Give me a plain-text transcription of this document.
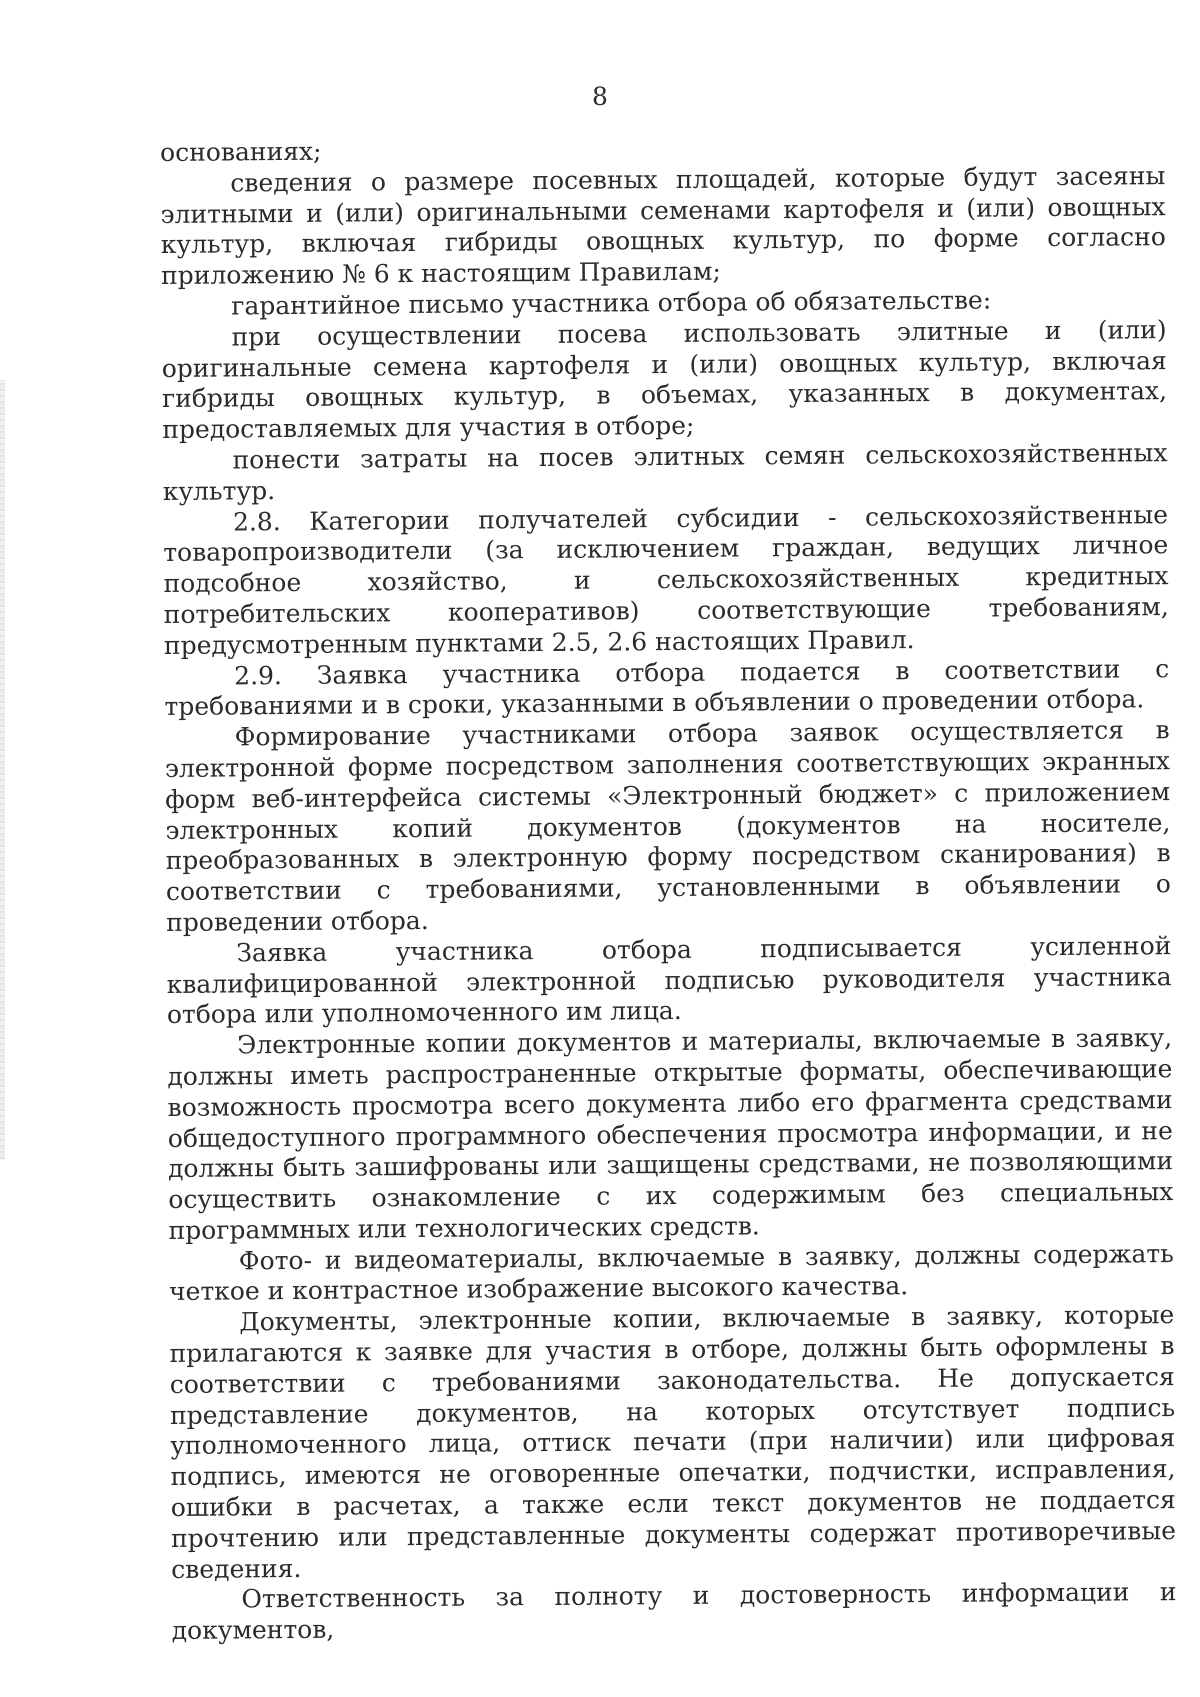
8

основаниях;

сведения о размере посевных площадей, которые будут засеяны элитными и (или) оригинальными семенами картофеля и (или) овощных культур, включая гибриды овощных культур, по форме согласно приложению № 6 к настоящим Правилам;

гарантийное письмо участника отбора об обязательстве:

при осуществлении посева использовать элитные и (или) оригинальные семена картофеля и (или) овощных культур, включая гибриды овощных культур, в объемах, указанных в документах, предоставляемых для участия в отборе;

понести затраты на посев элитных семян сельскохозяйственных культур.

2.8. Категории получателей субсидии - сельскохозяйственные товаропроизводители (за исключением граждан, ведущих личное подсобное хозяйство, и сельскохозяйственных кредитных потребительских кооперативов) соответствующие требованиям, предусмотренным пунктами 2.5, 2.6 настоящих Правил.

2.9. Заявка участника отбора подается в соответствии с требованиями и в сроки, указанными в объявлении о проведении отбора.

Формирование участниками отбора заявок осуществляется в электронной форме посредством заполнения соответствующих экранных форм веб-интерфейса системы «Электронный бюджет» с приложением электронных копий документов (документов на носителе, преобразованных в электронную форму посредством сканирования) в соответствии с требованиями, установленными в объявлении о проведении отбора.

Заявка участника отбора подписывается усиленной квалифицированной электронной подписью руководителя участника отбора или уполномоченного им лица.

Электронные копии документов и материалы, включаемые в заявку, должны иметь распространенные открытые форматы, обеспечивающие возможность просмотра всего документа либо его фрагмента средствами общедоступного программного обеспечения просмотра информации, и не должны быть зашифрованы или защищены средствами, не позволяющими осуществить ознакомление с их содержимым без специальных программных или технологических средств.

Фото- и видеоматериалы, включаемые в заявку, должны содержать четкое и контрастное изображение высокого качества.

Документы, электронные копии, включаемые в заявку, которые прилагаются к заявке для участия в отборе, должны быть оформлены в соответствии с требованиями законодательства. Не допускается представление документов, на которых отсутствует подпись уполномоченного лица, оттиск печати (при наличии) или цифровая подпись, имеются не оговоренные опечатки, подчистки, исправления, ошибки в расчетах, а также если текст документов не поддается прочтению или представленные документы содержат противоречивые сведения.

Ответственность за полноту и достоверность информации и документов,
